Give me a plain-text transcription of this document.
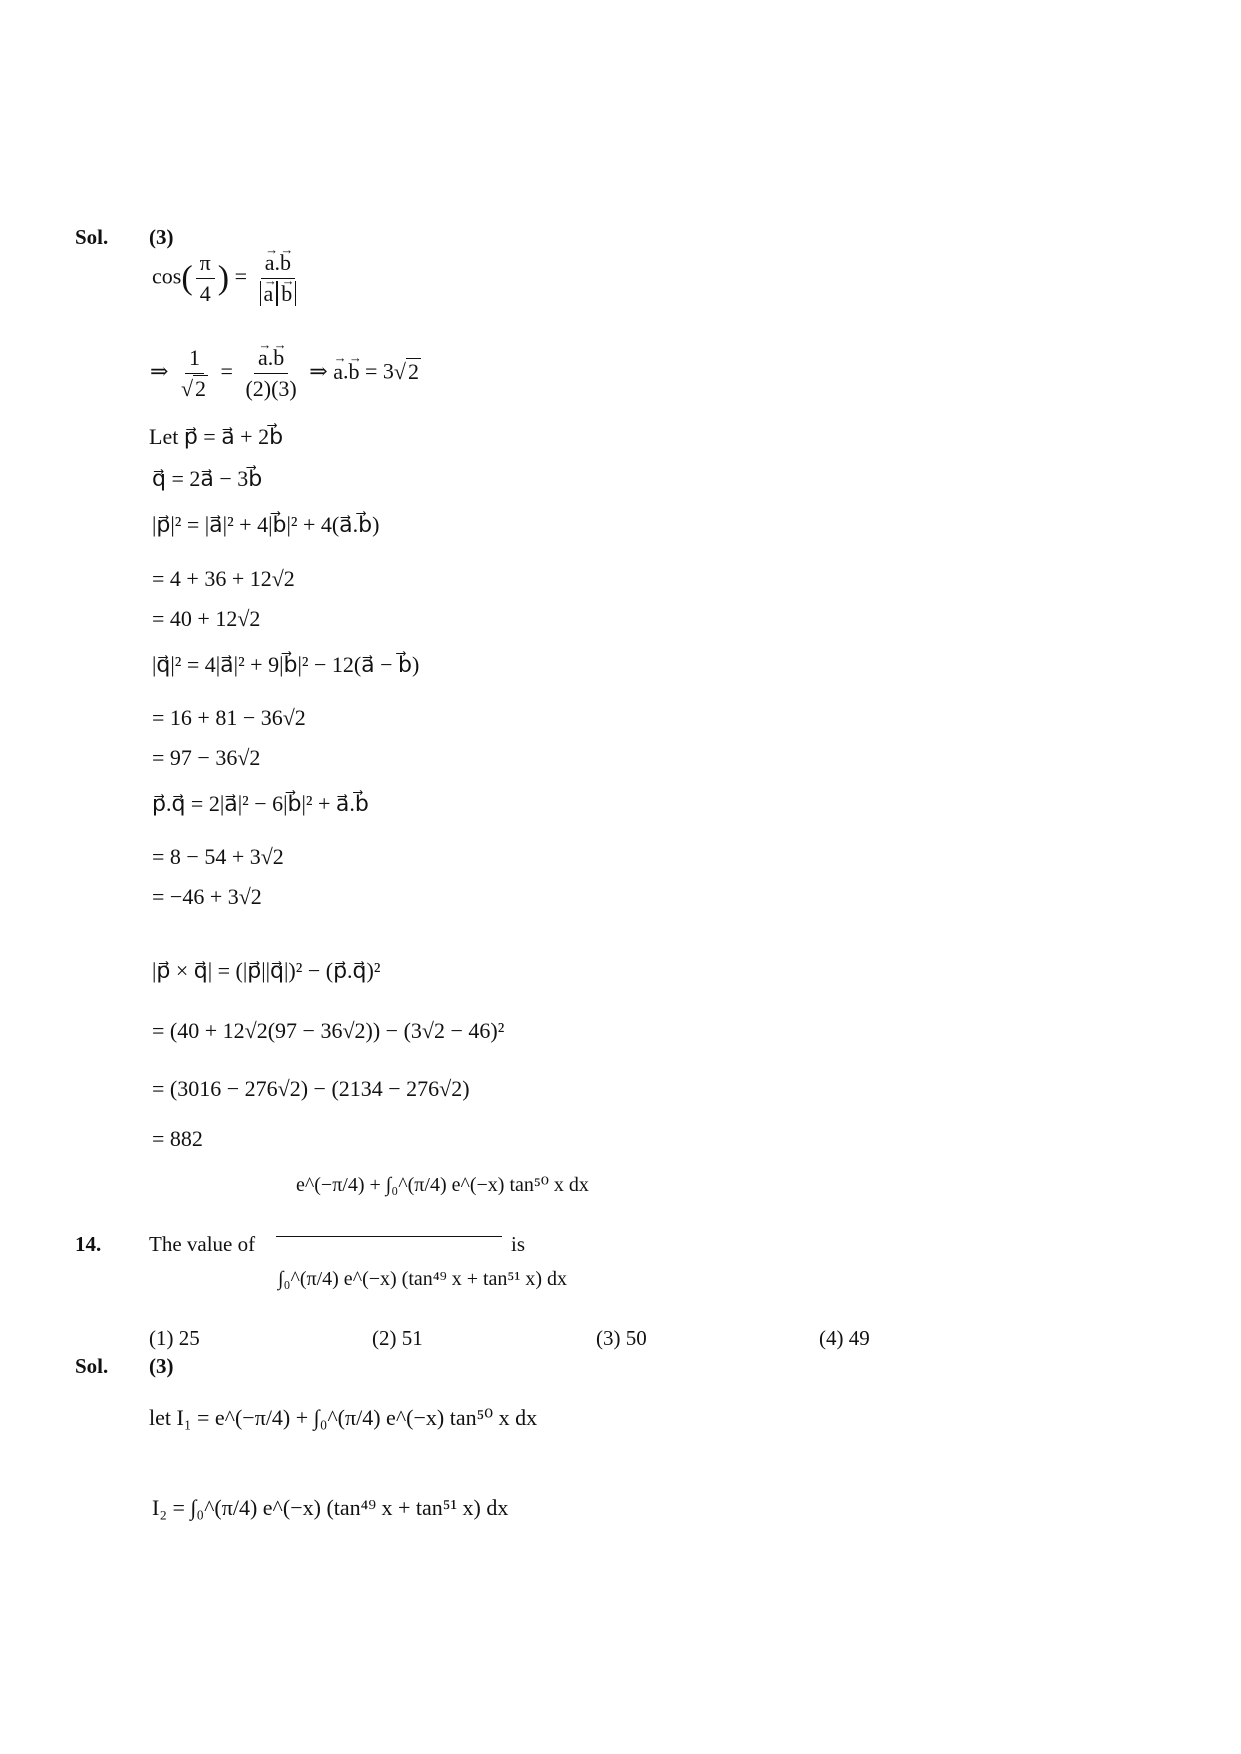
Sol. (3)
$\cos( \frac{\pi}{4}$ ) = → a.→ b
→ a → b
⇒ $\frac{1}{√2}$ = → $\frac{a.\to b}{(2)(3)}$ ⇒ → a.→ b = 3√2
Let p⃗ = a⃗ + 2b⃗
q⃗ = 2a⃗ − 3b⃗
|p⃗|² = |a⃗|² + 4|b⃗|² + 4(a⃗.b⃗)
= 4 + 36 + 12√2
= 40 + 12√2
|q⃗|² = 4|a⃗|² + 9|b⃗|² − 12(a⃗ − b⃗)
= 16 + 81 − 36√2
= 97 − 36√2
p⃗.q⃗ = 2|a⃗|² − 6|b⃗|² + a⃗.b⃗
= 8 − 54 + 3√2
= −46 + 3√2
|p⃗ × q⃗| = (|p⃗||q⃗|)² − (p⃗.q⃗)²
= (40 + 12√2(97 − 36√2)) − (3√2 − 46)²
= (3016 − 276√2) − (2134 − 276√2)
= 882
14. The value of
e^(−π/4) + ∫₀^(π/4) e^(−x) tan⁵⁰ x dx
∫₀^(π/4) e^(−x) (tan⁴⁹ x + tan⁵¹ x) dx
is
(1) 25	(2) 51	(3) 50	(4) 49
Sol. (3)
let I₁ = e^(−π/4) + ∫₀^(π/4) e^(−x) tan⁵⁰ x dx
I₂ = ∫₀^(π/4) e^(−x) (tan⁴⁹ x + tan⁵¹ x) dx
